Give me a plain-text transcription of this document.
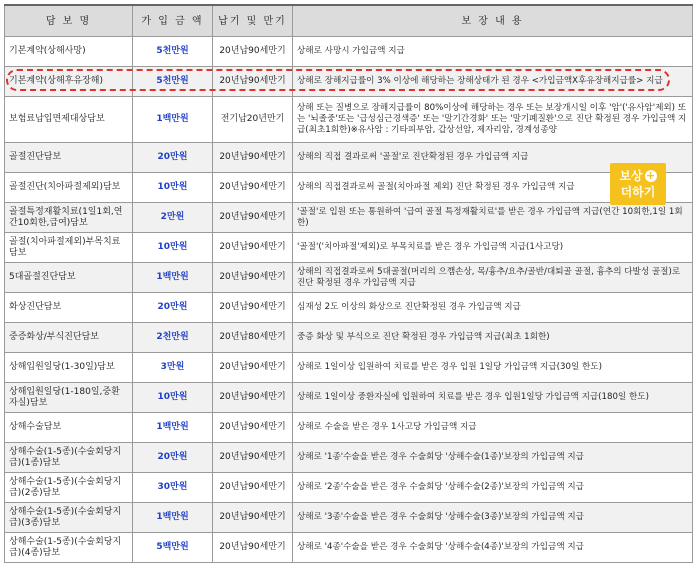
담 보 명	가 입 금 액	납기 및 만기	보 장 내 용
기본계약(상해사망)	5천만원	20년납90세만기	상해로 사망시 가입금액 지급
기본계약(상해후유장해)	5천만원	20년납90세만기	상해로 장해지급률이 3% 이상에 해당하는 장해상태가 된 경우 <가입금액X후유장해지급률> 지급
보험료납입면제대상담보	1백만원	전기납20년만기	상해 또는 질병으로 장해지급률이 80%이상에 해당하는 경우 또는 보장개시일 이후 '암'('유사암'제외) 또는 '뇌졸중'또는 '급성심근경색증' 또는 '말기간경화' 또는 '말기폐질환'으로 진단 확정된 경우 가입금액 지급(최초1회한)※유사암 : 기타피부암, 갑상선암, 제자리암, 경계성종양
골절진단담보	20만원	20년납90세만기	상해의 직접 결과로써 '골절'로 진단확정된 경우 가입금액 지급
골절진단(치아파절제외)담보	10만원	20년납90세만기	상해의 직접결과로써 골절(치아파절 제외) 진단 확정된 경우 가입금액 지급
골절특정재활치료(1일1회,연간10회한,급여)담보	2만원	20년납90세만기	'골절'로 입원 또는 통원하여 '급여 골절 특정재활치료'를 받은 경우 가입금액 지급(연간 10회한,1일 1회한)
골절(치아파절제외)부목치료담보	10만원	20년납90세만기	'골절'('치아파절'제외)로 부목치료를 받은 경우 가입금액 지급(1사고당)
5대골절진단담보	1백만원	20년납90세만기	상해의 직접결과로써 5대골절(머리의 으깸손상, 목/흉추/요추/골반/대퇴골 골절, 흉추의 다발성 골절)로 진단 확정된 경우 가입금액 지급
화상진단담보	20만원	20년납90세만기	심재성 2도 이상의 화상으로 진단확정된 경우 가입금액 지급
중증화상/부식진단담보	2천만원	20년납80세만기	중증 화상 및 부식으로 진단 확정된 경우 가입금액 지급(최초 1회한)
상해입원일당(1-30일)담보	3만원	20년납90세만기	상해로 1일이상 입원하여 치료를 받은 경우 입원 1일당 가입금액 지급(30일 한도)
상해입원일당(1-180일,중환자실)담보	10만원	20년납90세만기	상해로 1일이상 중환자실에 입원하여 치료를 받은 경우 입원1일당 가입금액 지급(180일 한도)
상해수술담보	1백만원	20년납90세만기	상해로 수술을 받은 경우 1사고당 가입금액 지급
상해수술(1-5종)(수술회당지급)(1종)담보	20만원	20년납90세만기	상해로 '1종'수술을 받은 경우 수술회당 '상해수술(1종)'보장의 가입금액 지급
상해수술(1-5종)(수술회당지급)(2종)담보	30만원	20년납90세만기	상해로 '2종'수술을 받은 경우 수술회당 '상해수술(2종)'보장의 가입금액 지급
상해수술(1-5종)(수술회당지급)(3종)담보	1백만원	20년납90세만기	상해로 '3종'수술을 받은 경우 수술회당 '상해수술(3종)'보장의 가입금액 지급
상해수술(1-5종)(수술회당지급)(4종)담보	5백만원	20년납90세만기	상해로 '4종'수술을 받은 경우 수술회당 '상해수술(4종)'보장의 가입금액 지급
보상 +
더하기
